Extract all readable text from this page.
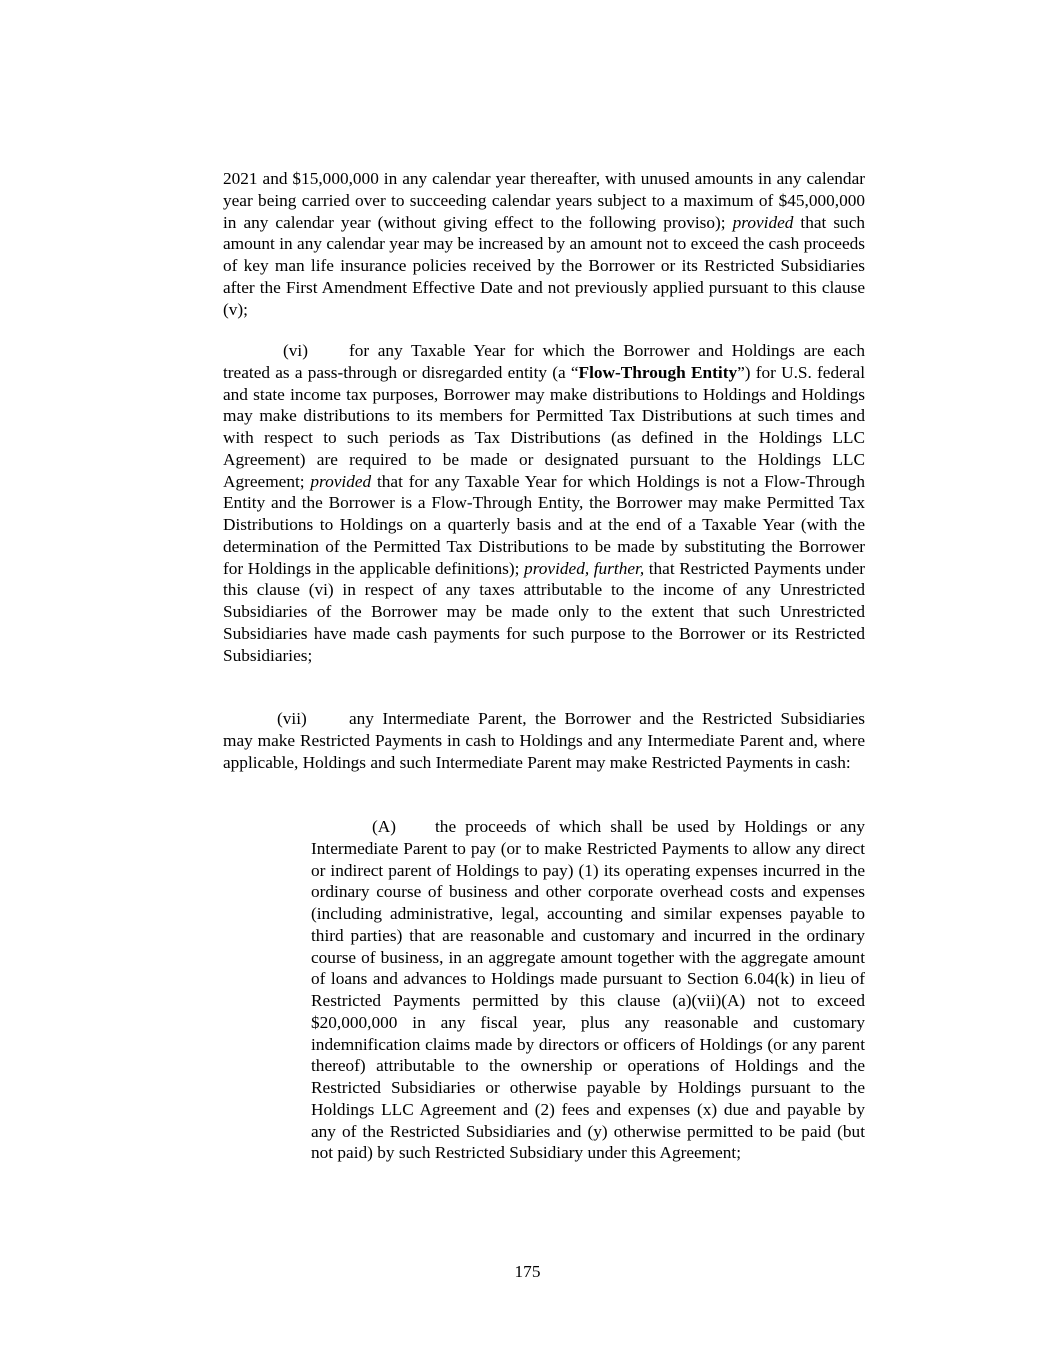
2021 and $15,000,000 in any calendar year thereafter, with unused amounts in any calendar year being carried over to succeeding calendar years subject to a maximum of $45,000,000 in any calendar year (without giving effect to the following proviso); provided that such amount in any calendar year may be increased by an amount not to exceed the cash proceeds of key man life insurance policies received by the Borrower or its Restricted Subsidiaries after the First Amendment Effective Date and not previously applied pursuant to this clause (v);

(vi) for any Taxable Year for which the Borrower and Holdings are each treated as a pass-through or disregarded entity (a “Flow-Through Entity”) for U.S. federal and state income tax purposes, Borrower may make distributions to Holdings and Holdings may make distributions to its members for Permitted Tax Distributions at such times and with respect to such periods as Tax Distributions (as defined in the Holdings LLC Agreement) are required to be made or designated pursuant to the Holdings LLC Agreement; provided that for any Taxable Year for which Holdings is not a Flow-Through Entity and the Borrower is a Flow-Through Entity, the Borrower may make Permitted Tax Distributions to Holdings on a quarterly basis and at the end of a Taxable Year (with the determination of the Permitted Tax Distributions to be made by substituting the Borrower for Holdings in the applicable definitions); provided, further, that Restricted Payments under this clause (vi) in respect of any taxes attributable to the income of any Unrestricted Subsidiaries of the Borrower may be made only to the extent that such Unrestricted Subsidiaries have made cash payments for such purpose to the Borrower or its Restricted Subsidiaries;

(vii) any Intermediate Parent, the Borrower and the Restricted Subsidiaries may make Restricted Payments in cash to Holdings and any Intermediate Parent and, where applicable, Holdings and such Intermediate Parent may make Restricted Payments in cash:

(A) the proceeds of which shall be used by Holdings or any Intermediate Parent to pay (or to make Restricted Payments to allow any direct or indirect parent of Holdings to pay) (1) its operating expenses incurred in the ordinary course of business and other corporate overhead costs and expenses (including administrative, legal, accounting and similar expenses payable to third parties) that are reasonable and customary and incurred in the ordinary course of business, in an aggregate amount together with the aggregate amount of loans and advances to Holdings made pursuant to Section 6.04(k) in lieu of Restricted Payments permitted by this clause (a)(vii)(A) not to exceed $20,000,000 in any fiscal year, plus any reasonable and customary indemnification claims made by directors or officers of Holdings (or any parent thereof) attributable to the ownership or operations of Holdings and the Restricted Subsidiaries or otherwise payable by Holdings pursuant to the Holdings LLC Agreement and (2) fees and expenses (x) due and payable by any of the Restricted Subsidiaries and (y) otherwise permitted to be paid (but not paid) by such Restricted Subsidiary under this Agreement;

175
